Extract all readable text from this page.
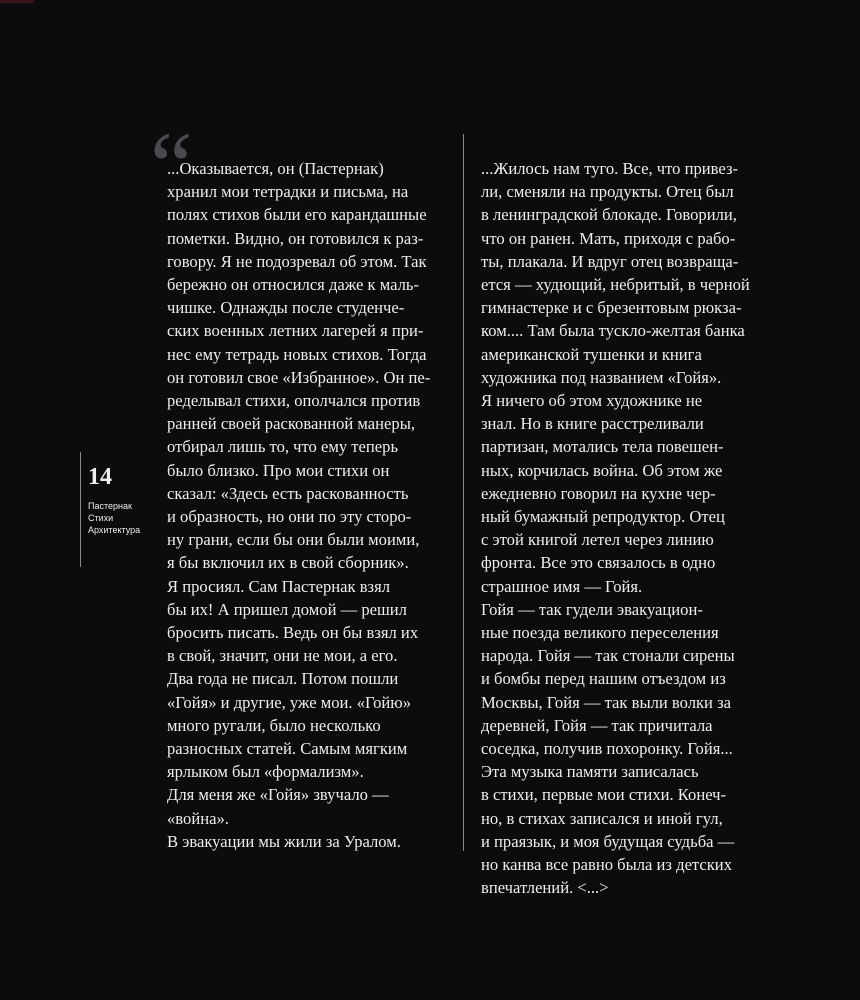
“
...Оказывается, он (Пастернак)
хранил мои тетрадки и письма, на
полях стихов были его карандашные
пометки. Видно, он готовился к раз-
говору. Я не подозревал об этом. Так
бережно он относился даже к маль-
чишке. Однажды после студенче-
ских военных летних лагерей я при-
нес ему тетрадь новых стихов. Тогда
он готовил свое «Избранное». Он пе-
ределывал стихи, ополчался против
ранней своей раскованной манеры,
отбирал лишь то, что ему теперь
было близко. Про мои стихи он
сказал: «Здесь есть раскованность
и образность, но они по эту сторо-
ну грани, если бы они были моими,
я бы включил их в свой сборник».
Я просиял. Сам Пастернак взял
бы их! А пришел домой — решил
бросить писать. Ведь он бы взял их
в свой, значит, они не мои, а его.
Два года не писал. Потом пошли
«Гойя» и другие, уже мои. «Гойю»
много ругали, было несколько
разносных статей. Самым мягким
ярлыком был «формализм».
Для меня же «Гойя» звучало —
«война».
В эвакуации мы жили за Уралом.
...Жилось нам туго. Все, что привез-
ли, сменяли на продукты. Отец был
в ленинградской блокаде. Говорили,
что он ранен. Мать, приходя с рабо-
ты, плакала. И вдруг отец возвраща-
ется — худющий, небритый, в черной
гимнастерке и с брезентовым рюкза-
ком.... Там была тускло-желтая банка
американской тушенки и книга
художника под названием «Гойя».
Я ничего об этом художнике не
знал. Но в книге расстреливали
партизан, мотались тела повешен-
ных, корчилась война. Об этом же
ежедневно говорил на кухне чер-
ный бумажный репродуктор. Отец
с этой книгой летел через линию
фронта. Все это связалось в одно
страшное имя — Гойя.
Гойя — так гудели эвакуацион-
ные поезда великого переселения
народа. Гойя — так стонали сирены
и бомбы перед нашим отъездом из
Москвы, Гойя — так выли волки за
деревней, Гойя — так причитала
соседка, получив похоронку. Гойя...
Эта музыка памяти записалась
в стихи, первые мои стихи. Конеч-
но, в стихах записался и иной гул,
и праязык, и моя будущая судьба —
но канва все равно была из детских
впечатлений. <...>
14
Пастернак
Стихи
Архитектура
